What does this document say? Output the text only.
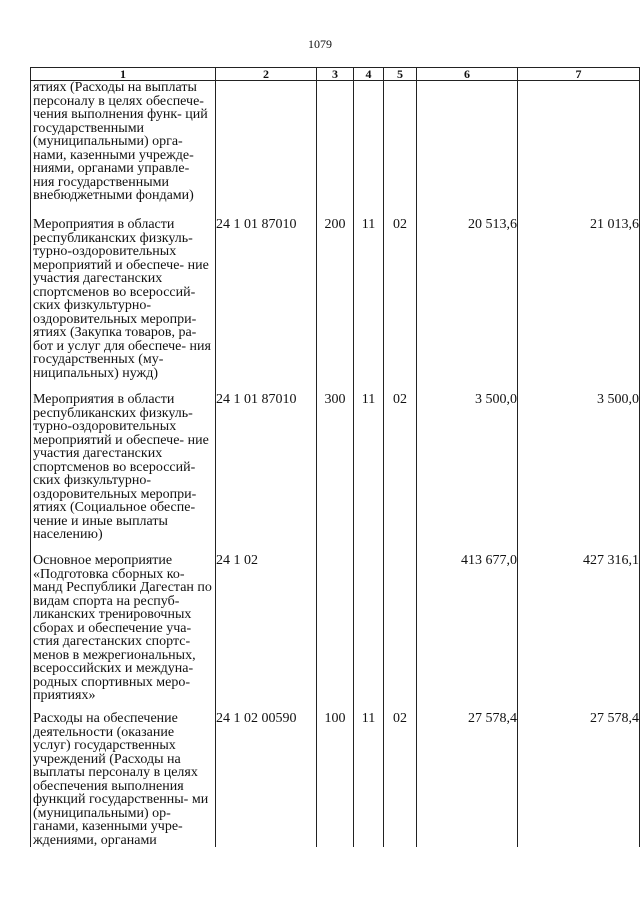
1079
1	2	3	4	5	6	7
ятиях (Расходы на выплаты персоналу в целях обеспече- чения выполнения функ- ций государственными (муниципальными) орга- нами, казенными учрежде- ниями, органами управле- ния государственными внебюджетными фондами)						
Мероприятия в области республиканских физкуль- турно-оздоровительных мероприятий и обеспече- ние участия дагестанских спортсменов во всероссий- ских физкультурно- оздоровительных меропри- ятиях (Закупка товаров, ра- бот и услуг для обеспече- ния государственных (му- ниципальных) нужд)	24 1 01 87010	200	11	02	20 513,6	21 013,6
Мероприятия в области республиканских физкуль- турно-оздоровительных мероприятий и обеспече- ние участия дагестанских спортсменов во всероссий- ских физкультурно- оздоровительных меропри- ятиях (Социальное обеспе- чение и иные выплаты населению)	24 1 01 87010	300	11	02	3 500,0	3 500,0
Основное мероприятие «Подготовка сборных ко- манд Республики Дагестан по видам спорта на респуб- ликанских тренировочных сборах и обеспечение уча- стия дагестанских спортс- менов в межрегиональных, всероссийских и междуна- родных спортивных меро- приятиях»	24 1 02				413 677,0	427 316,1
Расходы на обеспечение деятельности (оказание услуг) государственных учреждений (Расходы на выплаты персоналу в целях обеспечения выполнения функций государственны- ми (муниципальными) ор- ганами, казенными учре- ждениями, органами	24 1 02 00590	100	11	02	27 578,4	27 578,4
